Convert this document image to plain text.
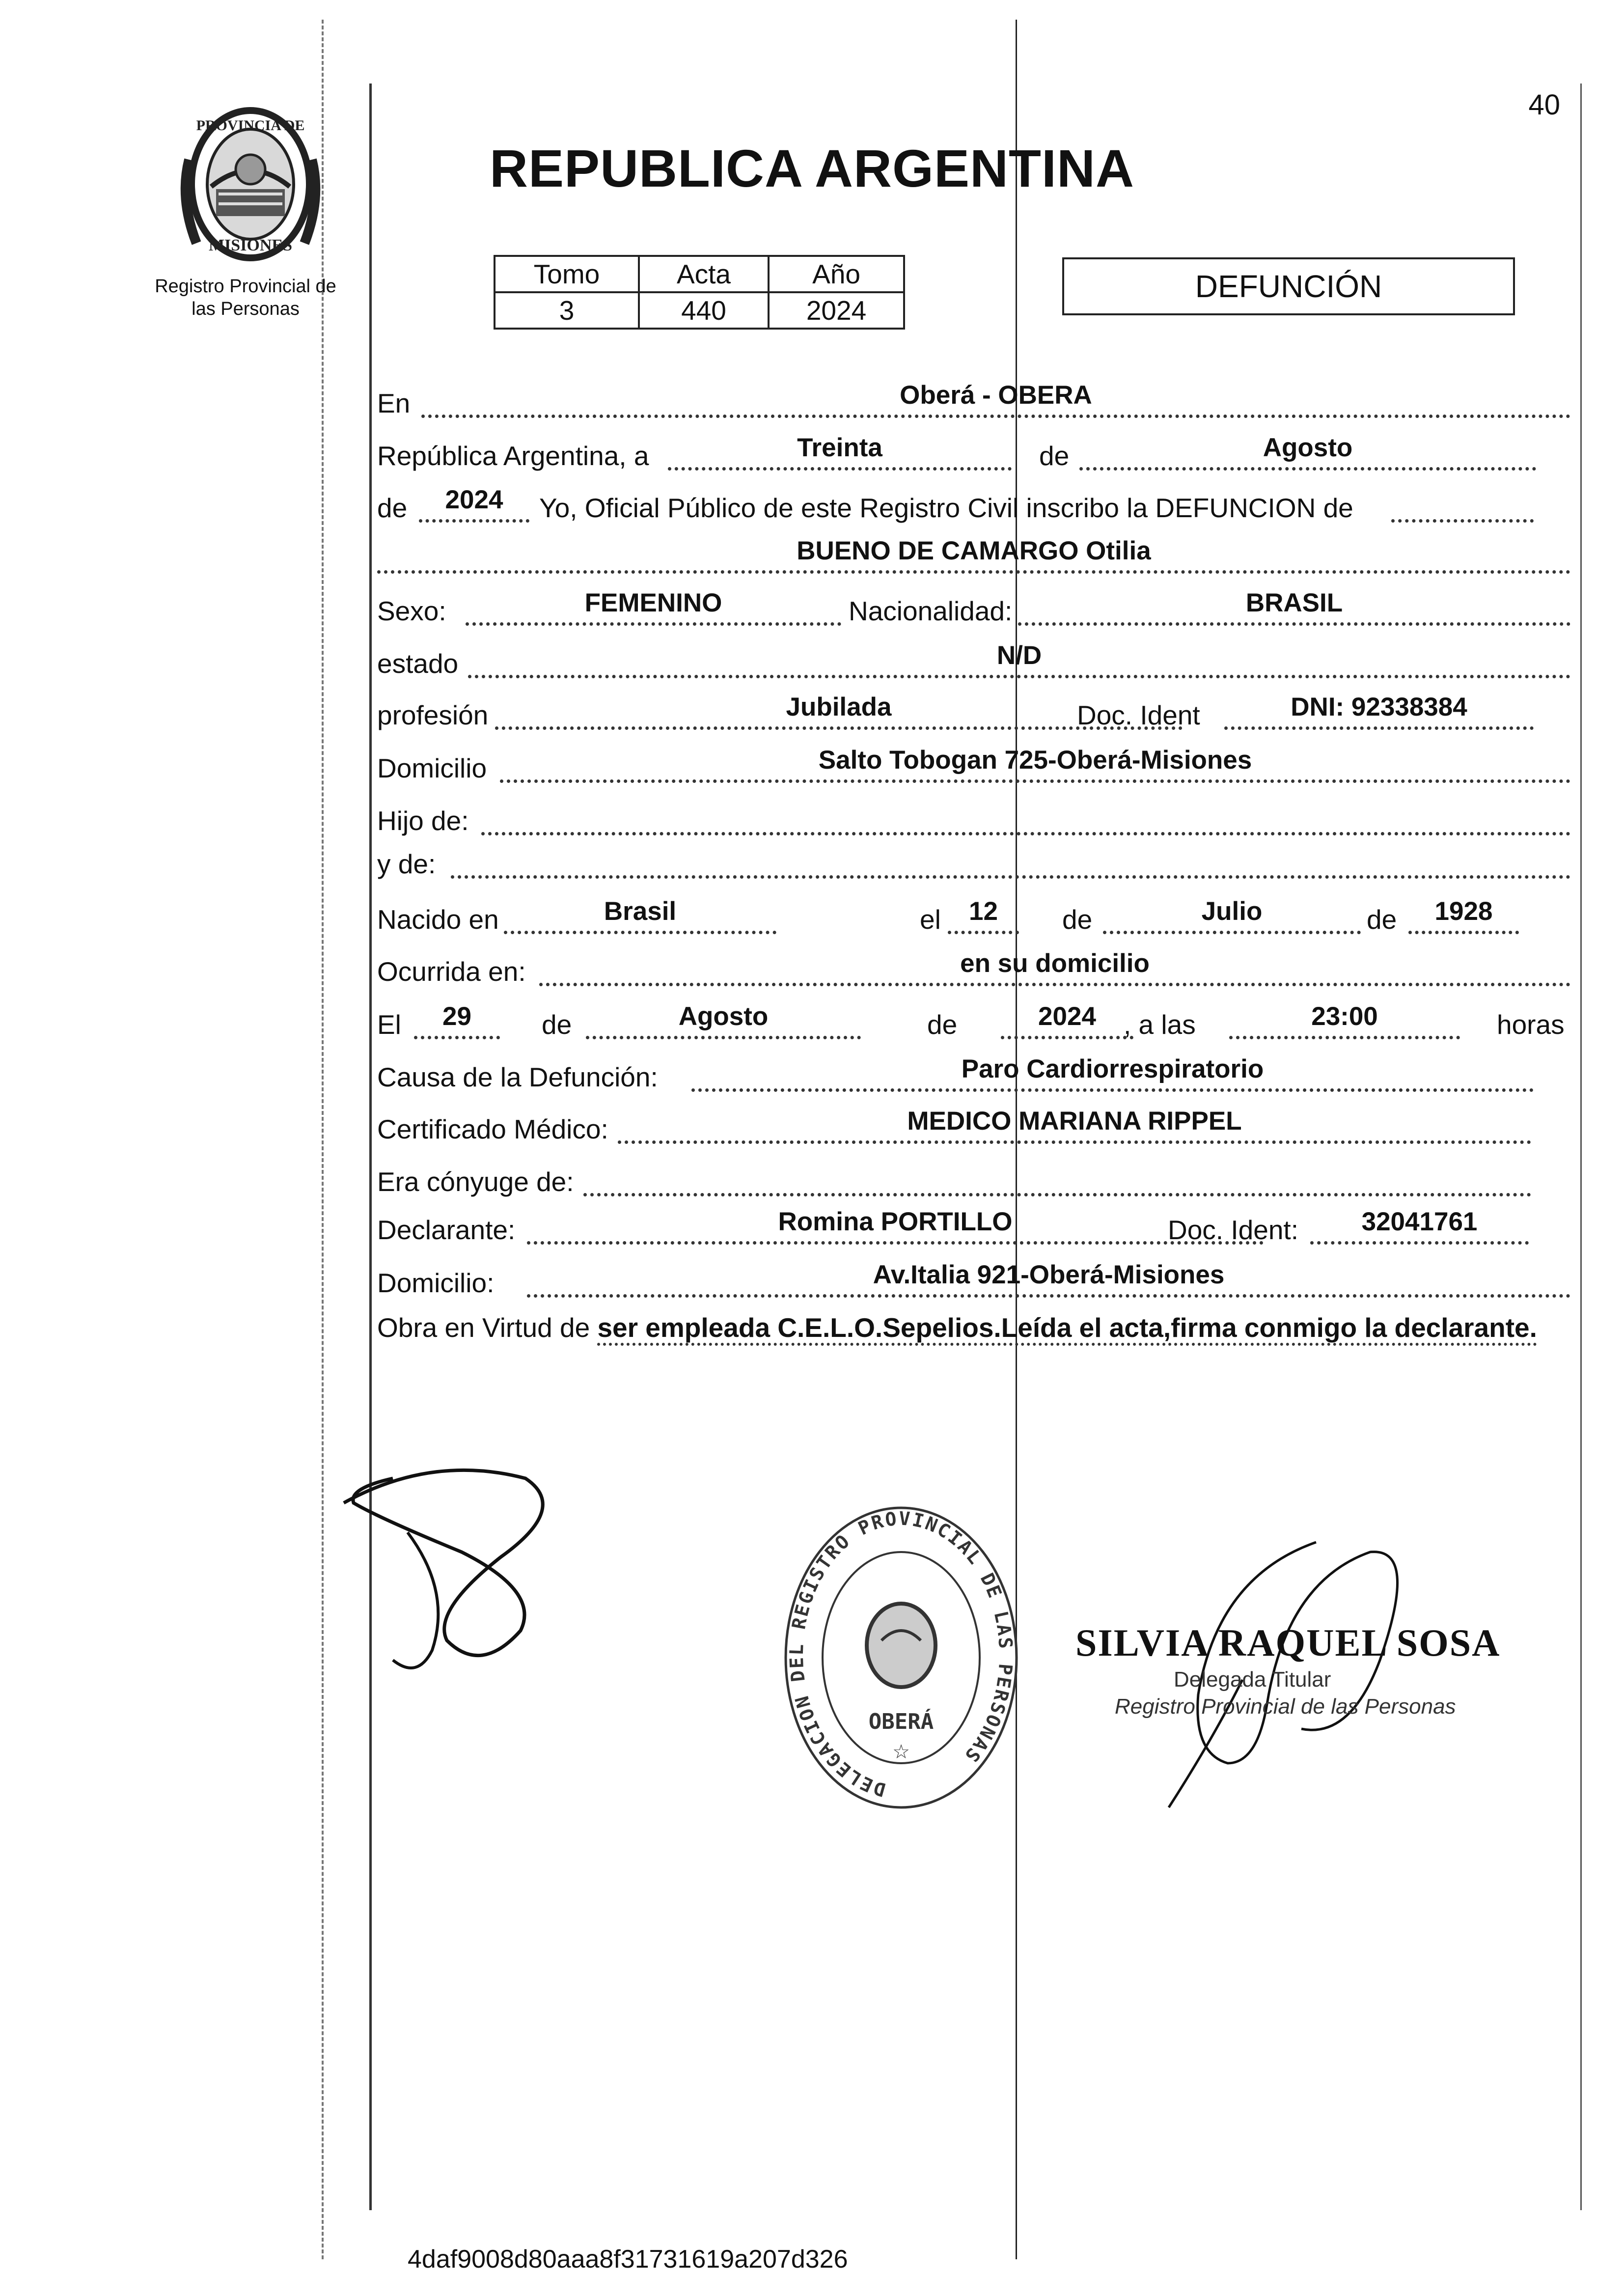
REPUBLICA ARGENTINA
40
PROVINCIA DE
MISIONES
Registro Provincial de
las Personas
Tomo	Acta	Año
3	440	2024
DEFUNCIÓN
En	Oberá - OBERA
República Argentina, a	Treinta	de	Agosto
de	2024	Yo, Oficial Público de este Registro Civil inscribo la DEFUNCION de
BUENO DE CAMARGO Otilia
Sexo:	FEMENINO	Nacionalidad:	BRASIL
estado	N/D
profesión	Jubilada	Doc. Ident	DNI: 92338384
Domicilio	Salto Tobogan 725-Oberá-Misiones
Hijo de:
y de:
Nacido en	Brasil	el	12	de	Julio	de	1928
Ocurrida en:	en su domicilio
El	29	de	Agosto	de	2024	, a las	23:00	horas
Causa de la Defunción:	Paro Cardiorrespiratorio
Certificado Médico:	MEDICO MARIANA RIPPEL
Era cónyuge de:
Declarante:	Romina PORTILLO	Doc. Ident:	32041761
Domicilio:	Av.Italia 921-Oberá-Misiones
Obra en Virtud de ser empleada C.E.L.O.Sepelios.Leída el acta,firma conmigo la declarante.
DELEGACION DEL REGISTRO PROVINCIAL DE LAS PERSONAS
OBERÁ
☆
SILVIA RAQUEL SOSA
Delegada Titular
Registro Provincial de las Personas
4daf9008d80aaa8f31731619a207d326
